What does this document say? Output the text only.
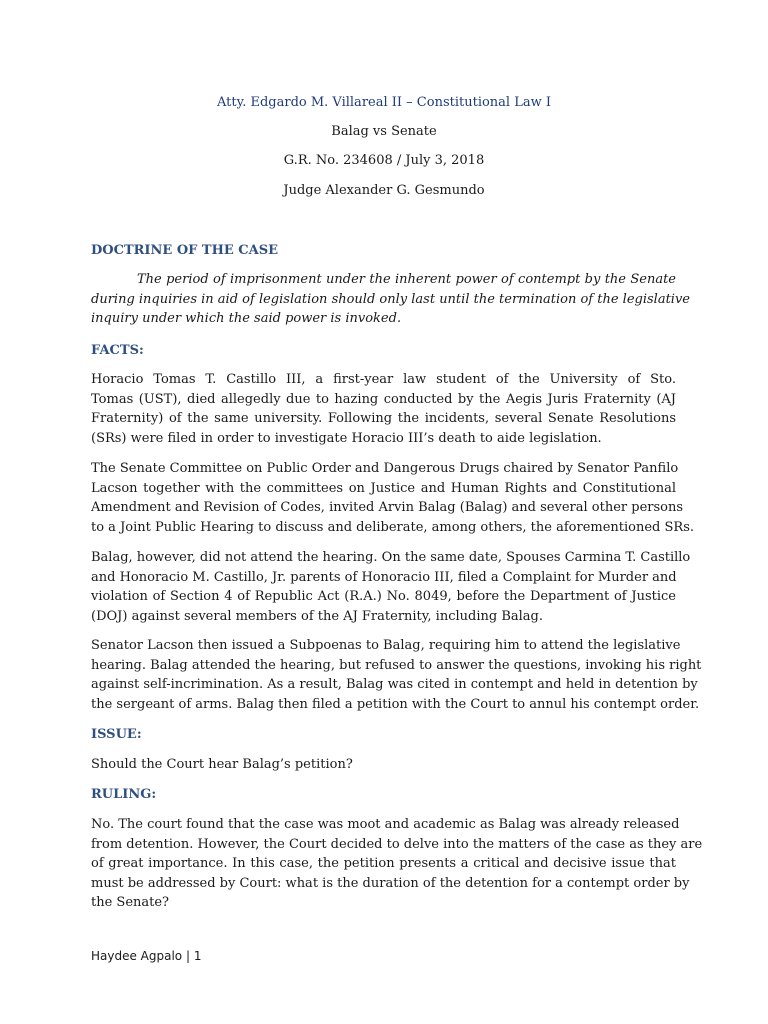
Atty. Edgardo M. Villareal II – Constitutional Law I
Balag vs Senate
G.R. No. 234608 / July 3, 2018
Judge Alexander G. Gesmundo
DOCTRINE OF THE CASE
The period of imprisonment under the inherent power of contempt by the Senate
during inquiries in aid of legislation should only last until the termination of the legislative
inquiry under which the said power is invoked.
FACTS:
Horacio Tomas T. Castillo III, a first-year law student of the University of Sto.
Tomas (UST), died allegedly due to hazing conducted by the Aegis Juris Fraternity (AJ
Fraternity) of the same university. Following the incidents, several Senate Resolutions
(SRs) were filed in order to investigate Horacio III’s death to aide legislation.
The Senate Committee on Public Order and Dangerous Drugs chaired by Senator Panfilo
Lacson together with the committees on Justice and Human Rights and Constitutional
Amendment and Revision of Codes, invited Arvin Balag (Balag) and several other persons
to a Joint Public Hearing to discuss and deliberate, among others, the aforementioned SRs.
Balag, however, did not attend the hearing. On the same date, Spouses Carmina T. Castillo
and Honoracio M. Castillo, Jr. parents of Honoracio III, filed a Complaint for Murder and
violation of Section 4 of Republic Act (R.A.) No. 8049, before the Department of Justice
(DOJ) against several members of the AJ Fraternity, including Balag.
Senator Lacson then issued a Subpoenas to Balag, requiring him to attend the legislative
hearing. Balag attended the hearing, but refused to answer the questions, invoking his right
against self-incrimination. As a result, Balag was cited in contempt and held in detention by
the sergeant of arms. Balag then filed a petition with the Court to annul his contempt order.
ISSUE:
Should the Court hear Balag’s petition?
RULING:
No. The court found that the case was moot and academic as Balag was already released
from detention. However, the Court decided to delve into the matters of the case as they are
of great importance. In this case, the petition presents a critical and decisive issue that
must be addressed by Court: what is the duration of the detention for a contempt order by
the Senate?
Haydee Agpalo | 1
